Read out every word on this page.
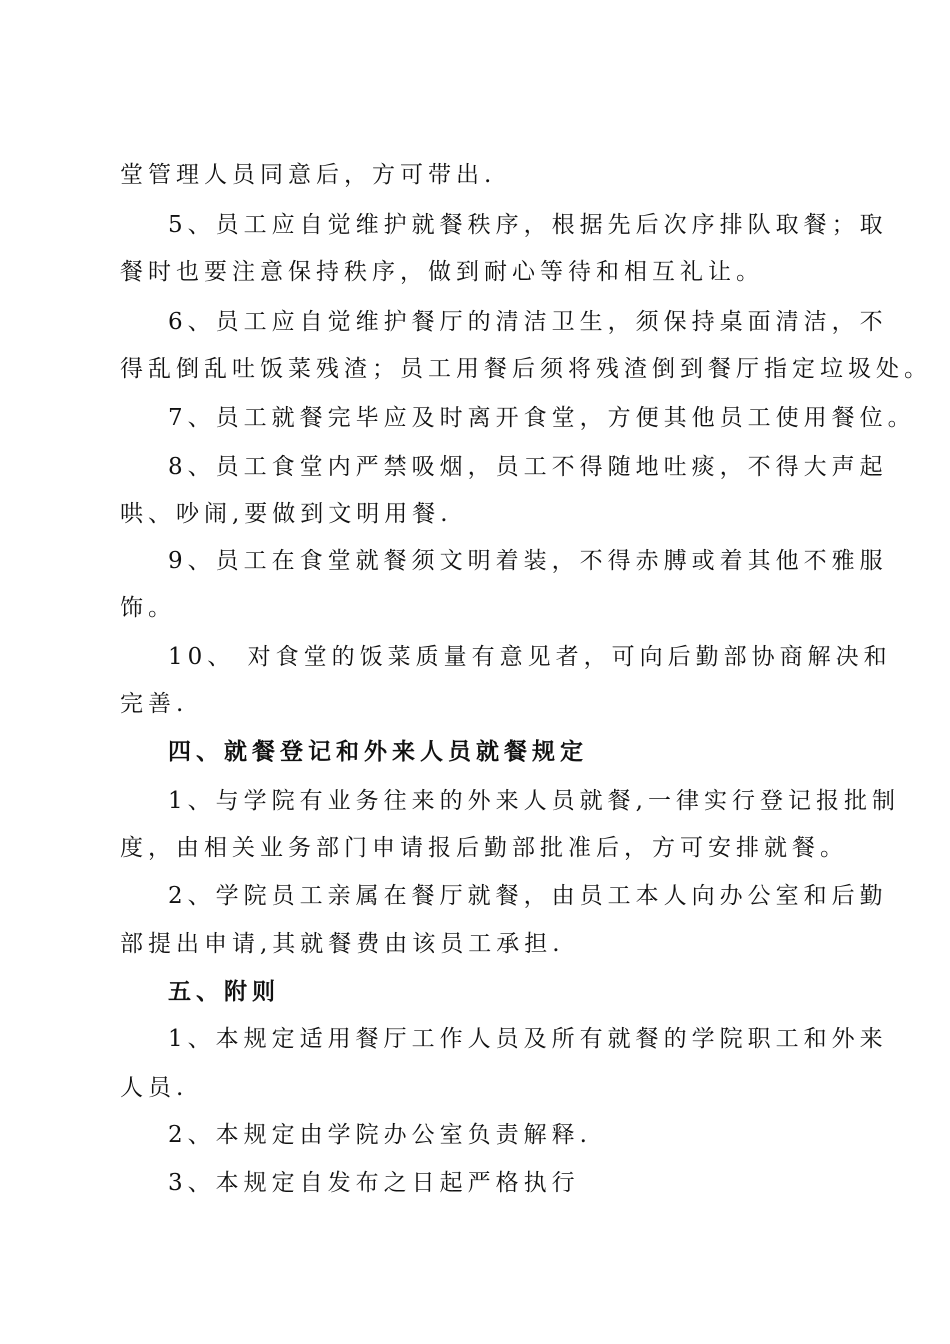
堂管理人员同意后，方可带出.
5、员工应自觉维护就餐秩序，根据先后次序排队取餐；取
餐时也要注意保持秩序，做到耐心等待和相互礼让。
6、员工应自觉维护餐厅的清洁卫生，须保持桌面清洁，不
得乱倒乱吐饭菜残渣；员工用餐后须将残渣倒到餐厅指定垃圾处。
7、员工就餐完毕应及时离开食堂，方便其他员工使用餐位。
8、员工食堂内严禁吸烟，员工不得随地吐痰，不得大声起
哄、吵闹,要做到文明用餐.
9、员工在食堂就餐须文明着装，不得赤膊或着其他不雅服
饰。
10、 对食堂的饭菜质量有意见者，可向后勤部协商解决和
完善.
四、就餐登记和外来人员就餐规定
1、与学院有业务往来的外来人员就餐,一律实行登记报批制
度，由相关业务部门申请报后勤部批准后，方可安排就餐。
2、学院员工亲属在餐厅就餐，由员工本人向办公室和后勤
部提出申请,其就餐费由该员工承担.
五、附则
1、本规定适用餐厅工作人员及所有就餐的学院职工和外来
人员.
2、本规定由学院办公室负责解释.
3、本规定自发布之日起严格执行
